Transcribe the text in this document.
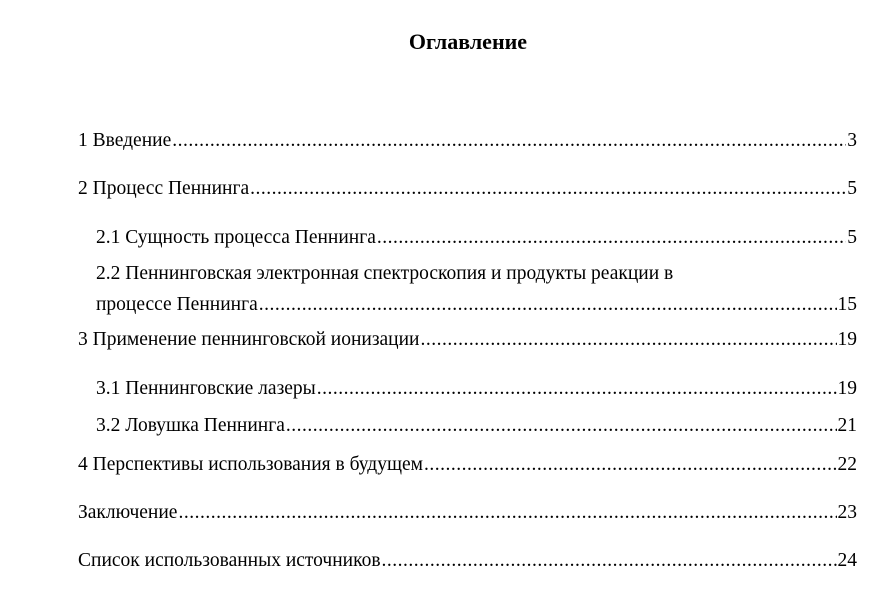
Оглавление
1 Введение .....	3
2 Процесс Пеннинга .....	5
2.1 Сущность процесса Пеннинга .....	5
2.2 Пеннинговская электронная спектроскопия и продукты реакции в
процессе Пеннинга .....	15
3 Применение пеннинговской ионизации .....	19
3.1 Пеннинговские лазеры .....	19
3.2 Ловушка Пеннинга .....	21
4 Перспективы использования в будущем .....	22
Заключение .....	23
Список использованных источников .....	24
